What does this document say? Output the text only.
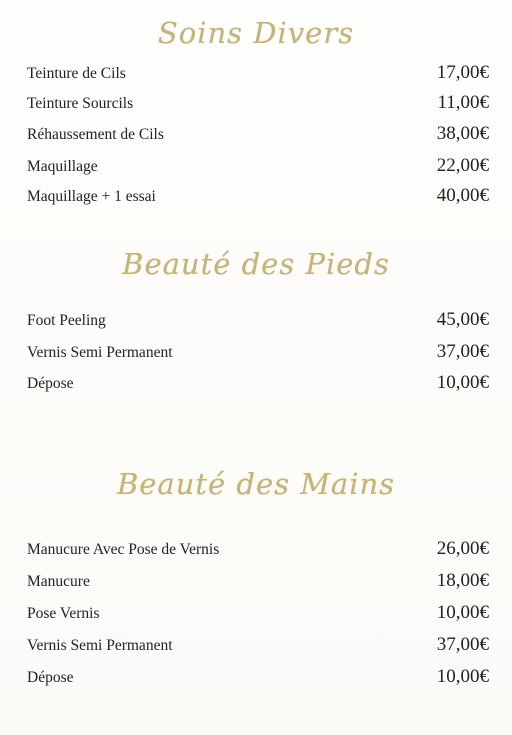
Soins Divers
Teinture de Cils	17,00€
Teinture Sourcils	11,00€
Réhaussement de Cils	38,00€
Maquillage	22,00€
Maquillage + 1 essai	40,00€
Beauté des Pieds
Foot Peeling	45,00€
Vernis Semi Permanent	37,00€
Dépose	10,00€
Beauté des Mains
Manucure Avec Pose de Vernis	26,00€
Manucure	18,00€
Pose Vernis	10,00€
Vernis Semi Permanent	37,00€
Dépose	10,00€
